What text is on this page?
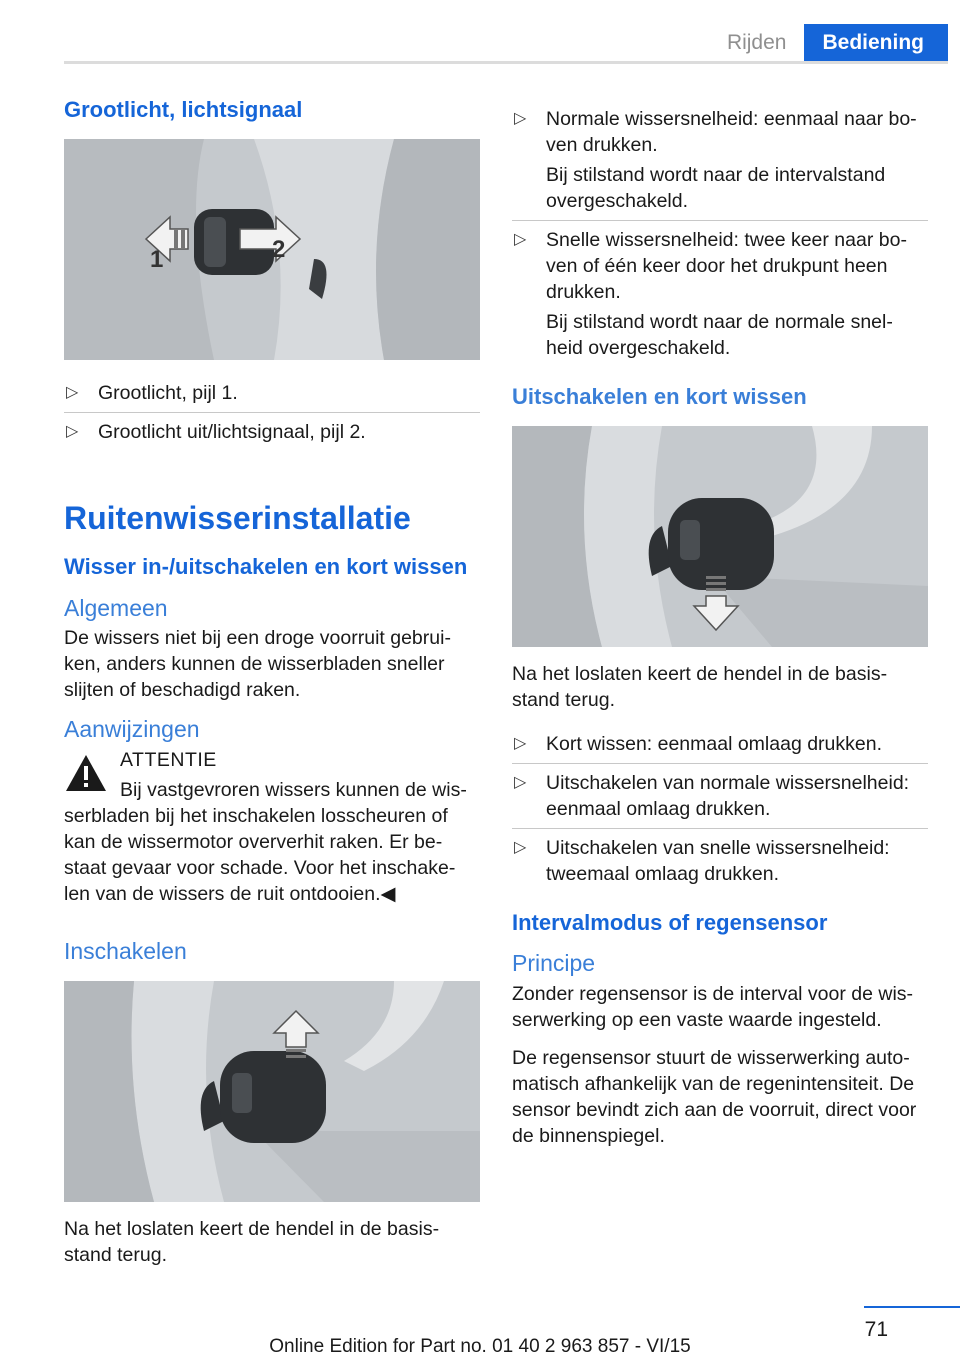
Rijden	Bediening
Grootlicht, lichtsignaal
1	2
▷ Grootlicht, pijl 1.
▷ Grootlicht uit/lichtsignaal, pijl 2.
Ruitenwisserinstallatie
Wisser in-/uitschakelen en kort wissen
Algemeen

De wissers niet bij een droge voorruit gebrui‐ken, anders kunnen de wisserbladen sneller slijten of beschadigd raken.

Aanwijzingen
ATTENTIE

Bij vastgevroren wissers kunnen de wis‐serbladen bij het inschakelen losscheuren of kan de wissermotor oververhit raken. Er be‐staat gevaar voor schade. Voor het inschake‐len van de wissers de ruit ontdooien.◀

Inschakelen

Na het loslaten keert de hendel in de basis‐stand terug.

▷ Normale wissersnelheid: eenmaal naar bo‐ven drukken.

Bij stilstand wordt naar de intervalstand overgeschakeld.

▷ Snelle wissersnelheid: twee keer naar bo‐ven of één keer door het drukpunt heen drukken.

Bij stilstand wordt naar de normale snel‐heid overgeschakeld.

Uitschakelen en kort wissen

Na het loslaten keert de hendel in de basis‐stand terug.

▷ Kort wissen: eenmaal omlaag drukken.
▷ Uitschakelen van normale wissersnelheid: eenmaal omlaag drukken.
▷ Uitschakelen van snelle wissersnelheid: tweemaal omlaag drukken.
Intervalmodus of regensensor
Principe

Zonder regensensor is de interval voor de wis‐serwerking op een vaste waarde ingesteld.

De regensensor stuurt de wisserwerking auto‐matisch afhankelijk van de regenintensiteit. De sensor bevindt zich aan de voorruit, direct voor de binnenspiegel.

71
Online Edition for Part no. 01 40 2 963 857 - VI/15
